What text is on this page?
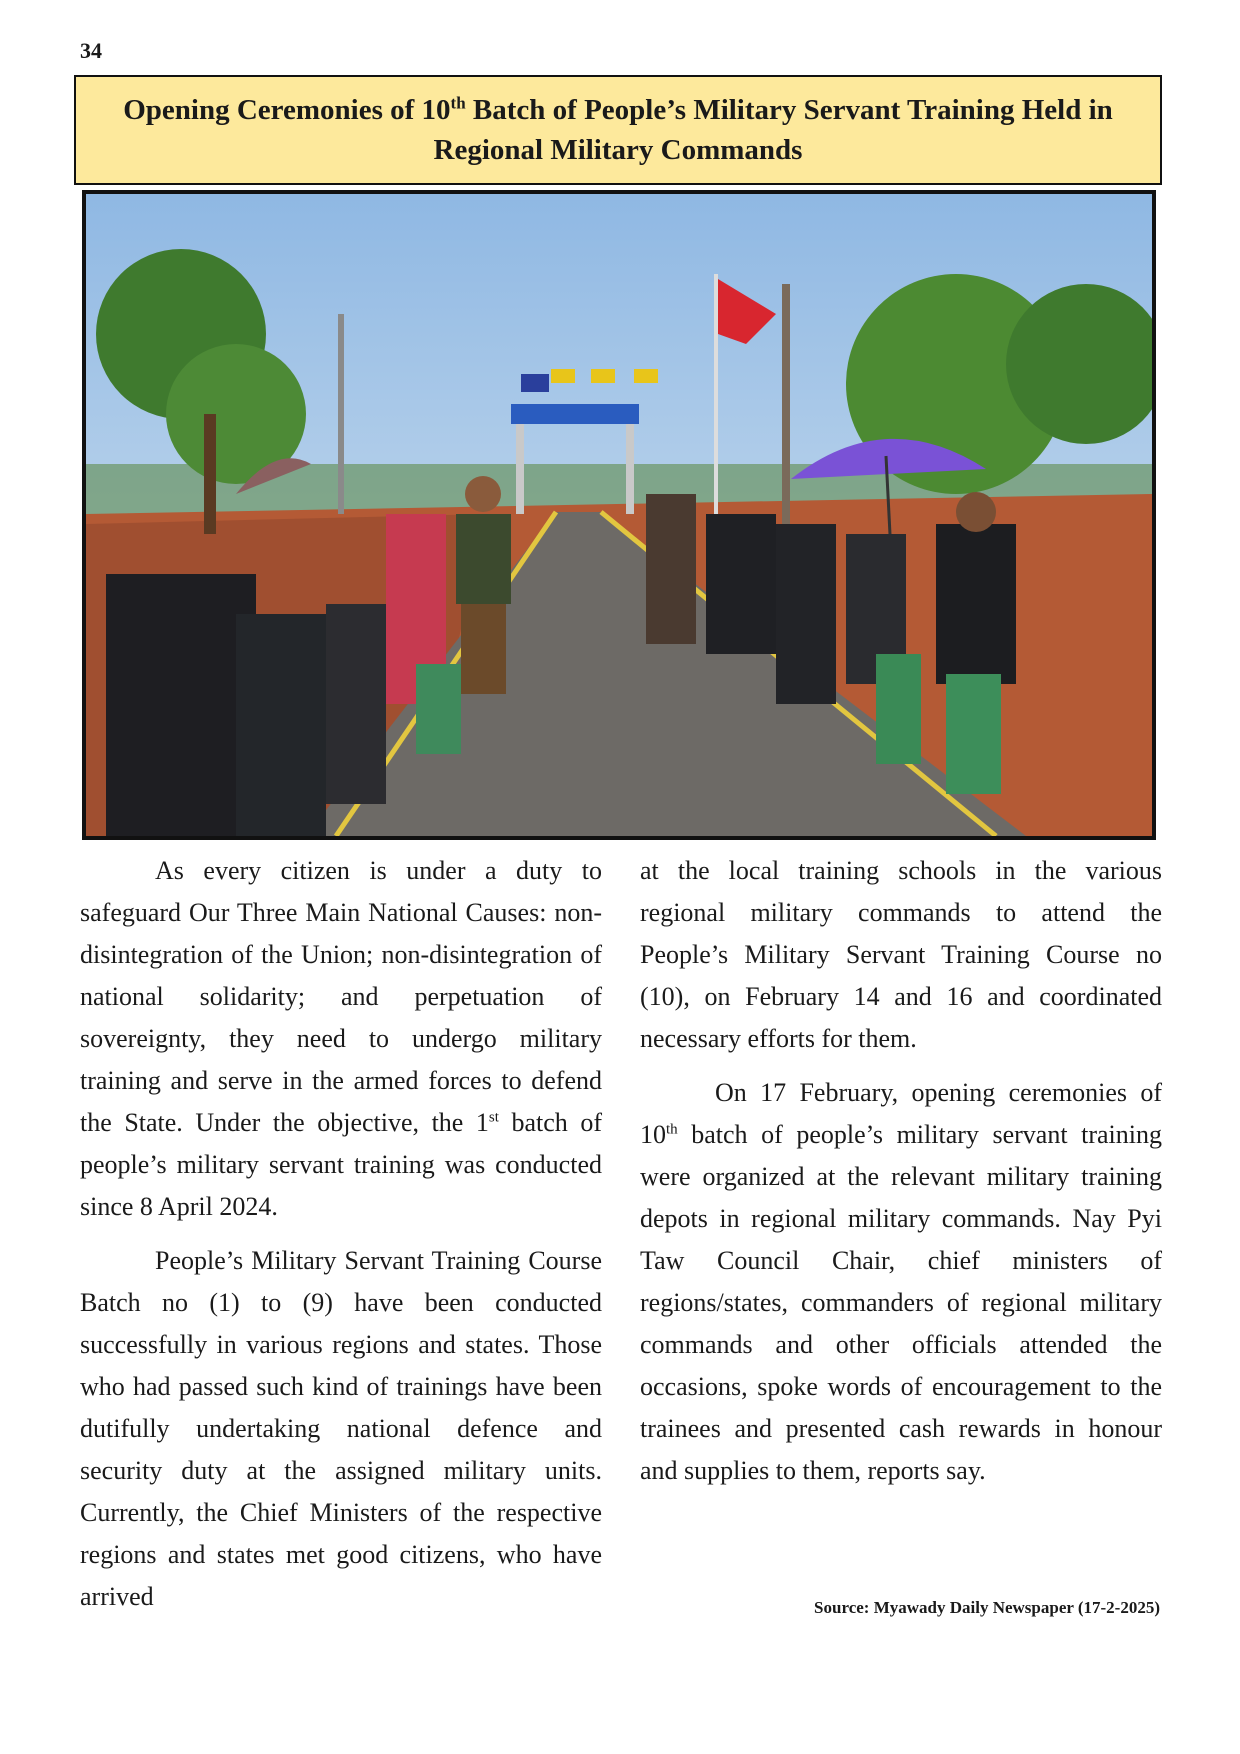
34
Opening Ceremonies of 10th Batch of People’s Military Servant Training Held in
Regional Military Commands

As every citizen is under a duty to safeguard Our Three Main National Causes: non-disintegration of the Union; non-disintegration of national solidarity; and perpetuation of sovereignty, they need to undergo military training and serve in the armed forces to defend the State. Under the objective, the 1st batch of people’s military servant training was conducted since 8 April 2024.

People’s Military Servant Training Course Batch no (1) to (9) have been conducted successfully in various regions and states. Those who had passed such kind of trainings have been dutifully undertaking national defence and security duty at the assigned military units. Currently, the Chief Ministers of the respective regions and states met good citizens, who have arrived

at the local training schools in the various regional military commands to attend the People’s Military Servant Training Course no (10), on February 14 and 16 and coordinated necessary efforts for them.

On 17 February, opening ceremonies of 10th batch of people’s military servant training were organized at the relevant military training depots in regional military commands. Nay Pyi Taw Council Chair, chief ministers of regions/states, commanders of regional military commands and other officials attended the occasions, spoke words of encouragement to the trainees and presented cash rewards in honour and supplies to them, reports say.

Source: Myawady Daily Newspaper (17-2-2025)
